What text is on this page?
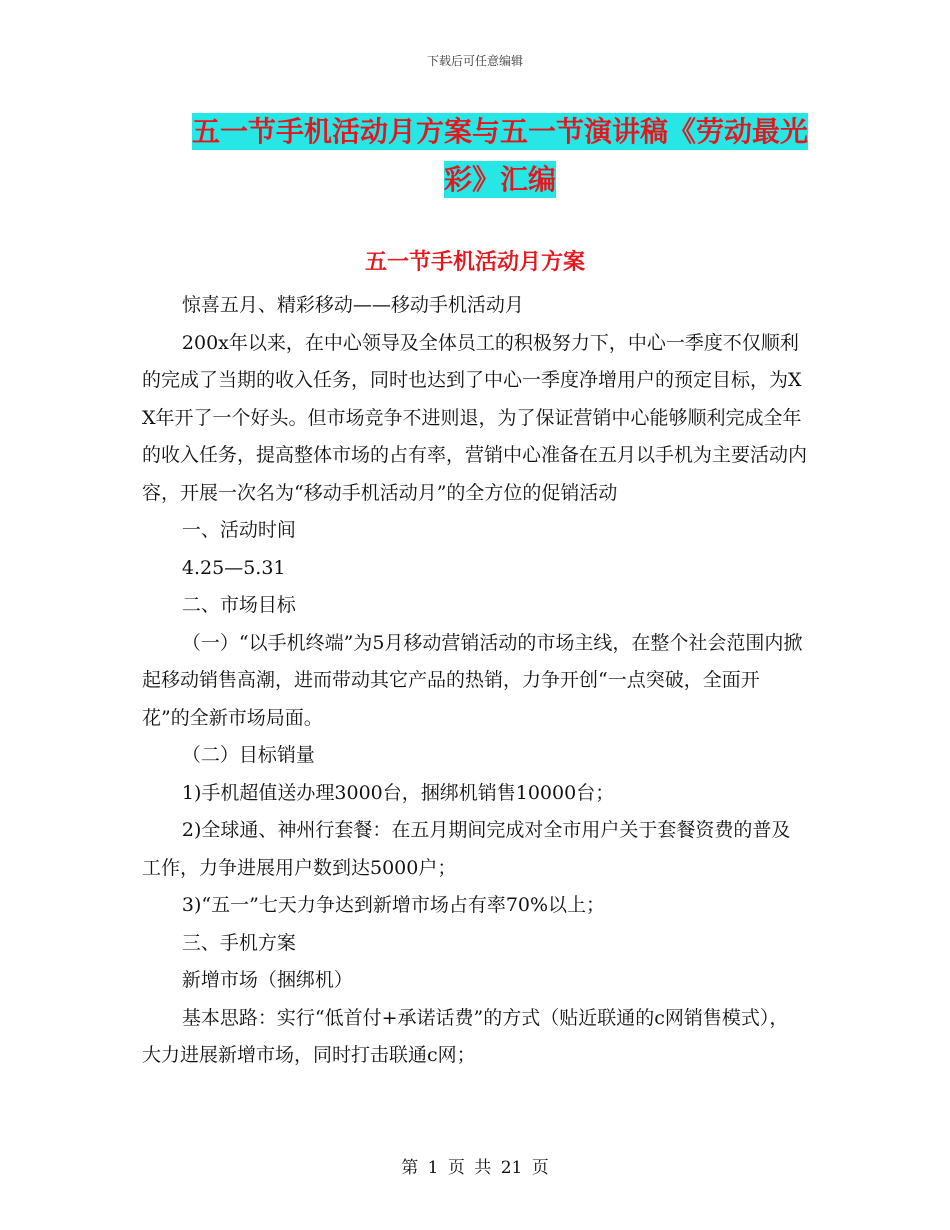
下载后可任意编辑
五一节手机活动月方案与五一节演讲稿《劳动最光
彩》汇编
五一节手机活动月方案

惊喜五月、精彩移动——移动手机活动月

200x年以来，在中心领导及全体员工的积极努力下，中心一季度不仅顺利的完成了当期的收入任务，同时也达到了中心一季度净增用户的预定目标，为XX年开了一个好头。但市场竞争不进则退，为了保证营销中心能够顺利完成全年的收入任务，提高整体市场的占有率，营销中心准备在五月以手机为主要活动内容，开展一次名为“移动手机活动月”的全方位的促销活动

一、活动时间

4.25—5.31

二、市场目标

（一）“以手机终端”为5月移动营销活动的市场主线，在整个社会范围内掀起移动销售高潮，进而带动其它产品的热销，力争开创“一点突破，全面开花”的全新市场局面。

（二）目标销量

1)手机超值送办理3000台，捆绑机销售10000台；

2)全球通、神州行套餐：在五月期间完成对全市用户关于套餐资费的普及工作，力争进展用户数到达5000户；

3)“五一”七天力争达到新增市场占有率70%以上；

三、手机方案

新增市场（捆绑机）

基本思路：实行“低首付+承诺话费”的方式（贴近联通的c网销售模式），大力进展新增市场，同时打击联通c网；

第 1 页 共 21 页
